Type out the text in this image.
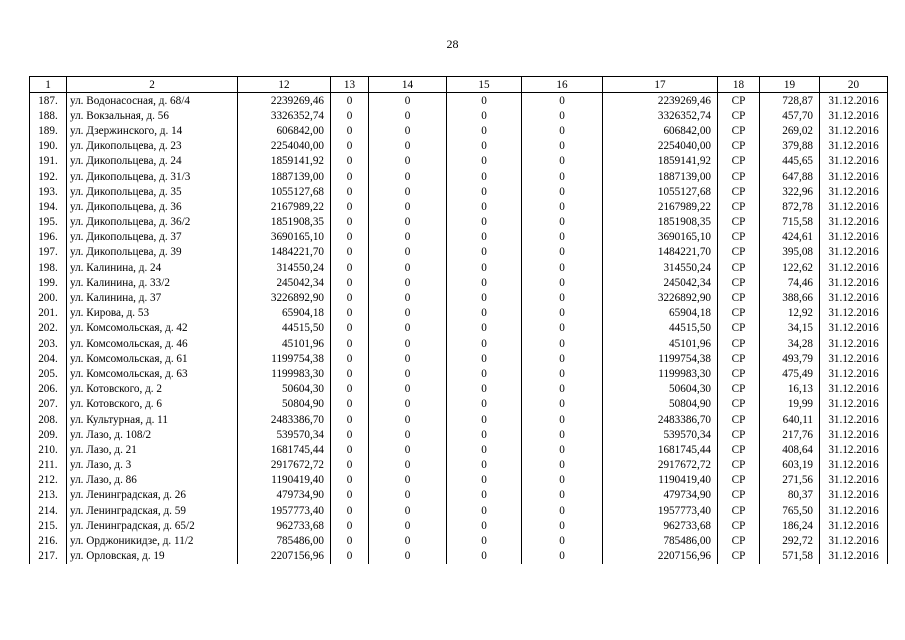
28
1	2	12	13	14	15	16	17	18	19	20
187.	ул. Водонасосная, д. 68/4	2239269,46	0	0	0	0	2239269,46	СР	728,87	31.12.2016
188.	ул. Вокзальная, д. 56	3326352,74	0	0	0	0	3326352,74	СР	457,70	31.12.2016
189.	ул. Дзержинского, д. 14	606842,00	0	0	0	0	606842,00	СР	269,02	31.12.2016
190.	ул. Дикопольцева, д. 23	2254040,00	0	0	0	0	2254040,00	СР	379,88	31.12.2016
191.	ул. Дикопольцева, д. 24	1859141,92	0	0	0	0	1859141,92	СР	445,65	31.12.2016
192.	ул. Дикопольцева, д. 31/3	1887139,00	0	0	0	0	1887139,00	СР	647,88	31.12.2016
193.	ул. Дикопольцева, д. 35	1055127,68	0	0	0	0	1055127,68	СР	322,96	31.12.2016
194.	ул. Дикопольцева, д. 36	2167989,22	0	0	0	0	2167989,22	СР	872,78	31.12.2016
195.	ул. Дикопольцева, д. 36/2	1851908,35	0	0	0	0	1851908,35	СР	715,58	31.12.2016
196.	ул. Дикопольцева, д. 37	3690165,10	0	0	0	0	3690165,10	СР	424,61	31.12.2016
197.	ул. Дикопольцева, д. 39	1484221,70	0	0	0	0	1484221,70	СР	395,08	31.12.2016
198.	ул. Калинина, д. 24	314550,24	0	0	0	0	314550,24	СР	122,62	31.12.2016
199.	ул. Калинина, д. 33/2	245042,34	0	0	0	0	245042,34	СР	74,46	31.12.2016
200.	ул. Калинина, д. 37	3226892,90	0	0	0	0	3226892,90	СР	388,66	31.12.2016
201.	ул. Кирова, д. 53	65904,18	0	0	0	0	65904,18	СР	12,92	31.12.2016
202.	ул. Комсомольская, д. 42	44515,50	0	0	0	0	44515,50	СР	34,15	31.12.2016
203.	ул. Комсомольская, д. 46	45101,96	0	0	0	0	45101,96	СР	34,28	31.12.2016
204.	ул. Комсомольская, д. 61	1199754,38	0	0	0	0	1199754,38	СР	493,79	31.12.2016
205.	ул. Комсомольская, д. 63	1199983,30	0	0	0	0	1199983,30	СР	475,49	31.12.2016
206.	ул. Котовского, д. 2	50604,30	0	0	0	0	50604,30	СР	16,13	31.12.2016
207.	ул. Котовского, д. 6	50804,90	0	0	0	0	50804,90	СР	19,99	31.12.2016
208.	ул. Культурная, д. 11	2483386,70	0	0	0	0	2483386,70	СР	640,11	31.12.2016
209.	ул. Лазо, д. 108/2	539570,34	0	0	0	0	539570,34	СР	217,76	31.12.2016
210.	ул. Лазо, д. 21	1681745,44	0	0	0	0	1681745,44	СР	408,64	31.12.2016
211.	ул. Лазо, д. 3	2917672,72	0	0	0	0	2917672,72	СР	603,19	31.12.2016
212.	ул. Лазо, д. 86	1190419,40	0	0	0	0	1190419,40	СР	271,56	31.12.2016
213.	ул. Ленинградская, д. 26	479734,90	0	0	0	0	479734,90	СР	80,37	31.12.2016
214.	ул. Ленинградская, д. 59	1957773,40	0	0	0	0	1957773,40	СР	765,50	31.12.2016
215.	ул. Ленинградская, д. 65/2	962733,68	0	0	0	0	962733,68	СР	186,24	31.12.2016
216.	ул. Орджоникидзе, д. 11/2	785486,00	0	0	0	0	785486,00	СР	292,72	31.12.2016
217.	ул. Орловская, д. 19	2207156,96	0	0	0	0	2207156,96	СР	571,58	31.12.2016
